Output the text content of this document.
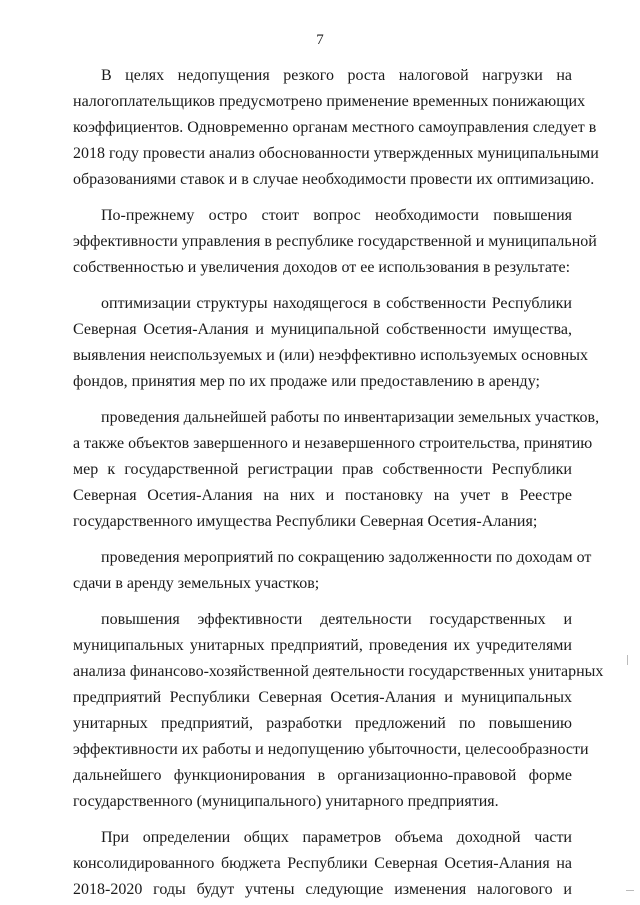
7

В целях недопущения резкого роста налоговой нагрузки на
налогоплательщиков предусмотрено применение временных понижающих
коэффициентов. Одновременно органам местного самоуправления следует в
2018 году провести анализ обоснованности утвержденных муниципальными
образованиями ставок и в случае необходимости провести их оптимизацию.

По-прежнему остро стоит вопрос необходимости повышения
эффективности управления в республике государственной и муниципальной
собственностью и увеличения доходов от ее использования в результате:

оптимизации структуры находящегося в собственности Республики
Северная Осетия-Алания и муниципальной собственности имущества,
выявления неиспользуемых и (или) неэффективно используемых основных
фондов, принятия мер по их продаже или предоставлению в аренду;

проведения дальнейшей работы по инвентаризации земельных участков,
а также объектов завершенного и незавершенного строительства, принятию
мер к государственной регистрации прав собственности Республики
Северная Осетия-Алания на них и постановку на учет в Реестре
государственного имущества Республики Северная Осетия-Алания;

проведения мероприятий по сокращению задолженности по доходам от
сдачи в аренду земельных участков;

повышения эффективности деятельности государственных и
муниципальных унитарных предприятий, проведения их учредителями
анализа финансово-хозяйственной деятельности государственных унитарных
предприятий Республики Северная Осетия-Алания и муниципальных
унитарных предприятий, разработки предложений по повышению
эффективности их работы и недопущению убыточности, целесообразности
дальнейшего функционирования в организационно-правовой форме
государственного (муниципального) унитарного предприятия.

При определении общих параметров объема доходной части
консолидированного бюджета Республики Северная Осетия-Алания на
2018-2020 годы будут учтены следующие изменения налогового и
